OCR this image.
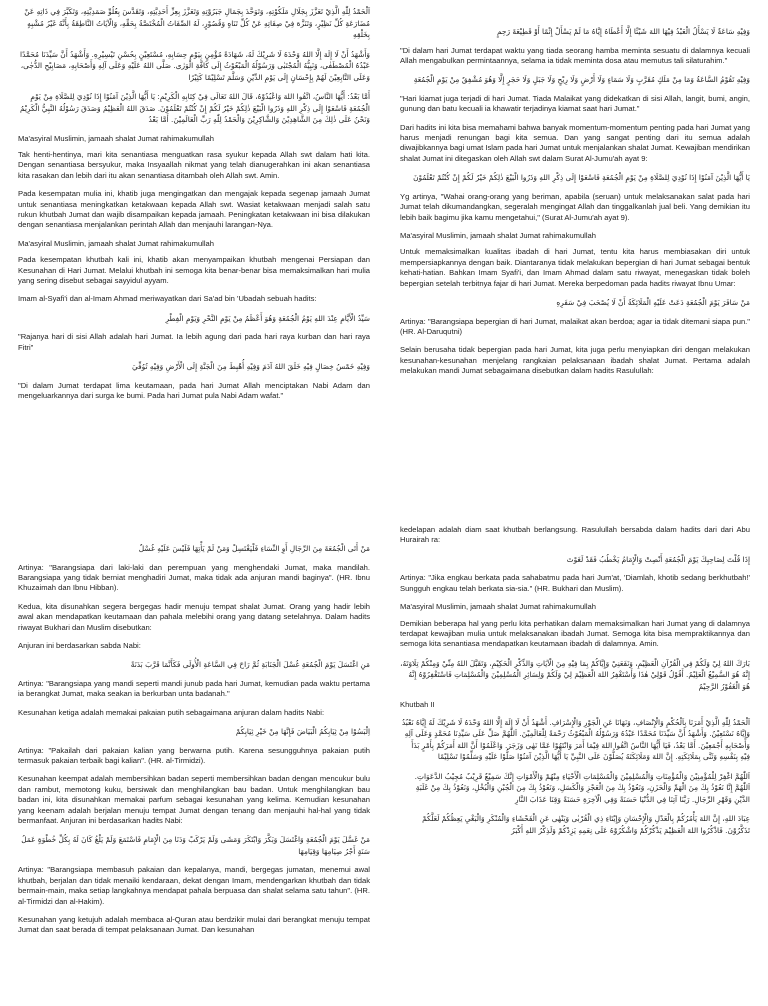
اَلْحَمْدُ لِلّٰهِ الَّذِيْ تَعَزَّزَ بِجَلَالِ مَلَكُوْتِهِ، وَتَوَحَّدَ بِجَمَالِ جَبَرُوْتِهِ وَتَعَزَّزَ بِعِزِّ أَحَدِيَّتِهِ، وَتَقَدَّسَ بِعُلُوِّ صَمَدِيَّتِهِ، وَتَكَبَّرَ فِي ذَاتِهِ عَنْ مُضَارَعَةِ كُلِّ نَظِيْرٍ، وَتَنَزَّهَ فِيْ صِفَاتِهِ عَنْ كُلِّ تَنَاهٍ وَقُصُوْرٍ، لَهُ الصِّفَاتُ الْمُخْتَصَّةُ بِحَقِّهِ، وَالْآيَاتُ النَّاطِقَةُ بِأَنَّهُ غَيْرُ مُشْبِهٍ بِخَلْقِهِ

وَأَشْهَدُ أَنْ لَا إِلَهَ إِلَّا اللهُ وَحْدَهُ لَا شَرِيْكَ لَهُ، شَهَادَةً مُؤْمِنٍ بِيَوْمِ حِسَابِهِ، مُسْتَعِيْنٍ بِحُسْنِ تَيْسِيْرِهِ. وَأَشْهَدُ أَنَّ سَيِّدَنَا مُحَمَّدًا عَبْدُهُ الْمُصْطَفٰى، وَنَبِيُّهُ الْمُجْتَبٰى وَرَسُوْلُهُ الْمَبْعُوْثُ إِلَى كَافَّةِ الْوَرٰى. صَلَّى اللهُ عَلَيْهِ وَعَلَى آلِهِ وَأَصْحَابِهِ، مَصَابِيْحِ الدُّجٰى، وَعَلَى التَّابِعِيْنَ لَهُمْ بِإِحْسَانٍ إِلَى يَوْمِ الدِّيْنِ وَسَلَّمَ تَسْلِيْمًا كَثِيْرًا

أَمَّا بَعْدُ: أَيُّهَا النَّاسُ، اتَّقُوا اللهَ وَاعْبُدُوْهُ، قَالَ اللهُ تَعَالَى فِيْ كِتَابِهِ الْكَرِيْمِ: يَا أَيُّهَا الَّذِيْنَ آمَنُوْا إِذَا نُوْدِيَ لِلصَّلَاةِ مِنْ يَوْمِ الْجُمُعَةِ فَاسْعَوْا إِلَى ذِكْرِ اللهِ وَذَرُوا الْبَيْعَ ذٰلِكُمْ خَيْرٌ لَكُمْ إِنْ كُنْتُمْ تَعْلَمُوْنَ. صَدَقَ اللهُ الْعَظِيْمُ وَصَدَقَ رَسُوْلُهُ النَّبِيُّ الْكَرِيْمُ وَنَحْنُ عَلَى ذٰلِكَ مِنَ الشَّاهِدِيْنَ وَالشَّاكِرِيْنَ وَالْحَمْدُ لِلّٰهِ رَبِّ الْعَالَمِيْنَ. أَمَّا بَعْدُ

Ma'asyiral Muslimin, jamaah shalat Jumat rahimakumullah

Tak henti-hentinya, mari kita senantiasa menguatkan rasa syukur kepada Allah swt dalam hati kita. Dengan senantiasa bersyukur, maka Insyaallah nikmat yang telah dianugerahkan ini akan senantiasa kita rasakan dan lebih dari itu akan senantiasa ditambah oleh Allah swt. Amin.

Pada kesempatan mulia ini, khatib juga mengingatkan dan mengajak kepada segenap jamaah Jumat untuk senantiasa meningkatkan ketakwaan kepada Allah swt. Wasiat ketakwaan menjadi salah satu rukun khutbah Jumat dan wajib disampaikan kepada jamaah. Peningkatan ketakwaan ini bisa dilakukan dengan senantiasa menjalankan perintah Allah dan menjauhi larangan-Nya.

Ma'asyiral Muslimin, jamaah shalat Jumat rahimakumullah

Pada kesempatan khutbah kali ini, khatib akan menyampaikan khutbah mengenai Persiapan dan Kesunahan di Hari Jumat. Melalui khutbah ini semoga kita benar-benar bisa memaksimalkan hari mulia yang sering disebut sebagai sayyidul ayyam.

Imam al-Syafi'i dan al-Imam Ahmad meriwayatkan dari Sa'ad bin 'Ubadah sebuah hadits:

سَيِّدُ الْأَيَّامِ عِنْدَ اللهِ يَوْمُ الْجُمُعَةِ وَهُوَ أَعْظَمُ مِنْ يَوْمِ النَّحْرِ وَيَوْمِ الْفِطْرِ

"Rajanya hari di sisi Allah adalah hari Jumat. Ia lebih agung dari pada hari raya kurban dan hari raya Fitri"

وَفِيْهِ خَمْسُ خِصَالٍ فِيْهِ خَلَقَ اللهُ آدَمَ وَفِيْهِ أُهْبِطَ مِنَ الْجَنَّةِ إِلَى الْأَرْضِ وَفِيْهِ تُوُفِّيَ

"Di dalam Jumat terdapat lima keutamaan, pada hari Jumat Allah menciptakan Nabi Adam dan mengeluarkannya dari surga ke bumi. Pada hari Jumat pula Nabi Adam wafat."

وَفِيْهِ سَاعَةٌ لَا يَسْأَلُ الْعَبْدُ فِيْهَا اللهَ شَيْئًا إِلَّا أَعْطَاهُ إِيَّاهُ مَا لَمْ يَسْأَلْ إِثْمًا أَوْ قَطِيْعَةَ رَحِمٍ

"Di dalam hari Jumat terdapat waktu yang tiada seorang hamba meminta sesuatu di dalamnya kecuali Allah mengabulkan permintaannya, selama ia tidak meminta dosa atau memutus tali silaturahim."

وَفِيْهِ تَقُوْمُ السَّاعَةُ وَمَا مِنْ مَلَكٍ مُقَرَّبٍ وَلَا سَمَاءٍ وَلَا أَرْضٍ وَلَا رِيْحٍ وَلَا جَبَلٍ وَلَا حَجَرٍ إِلَّا وَهُوَ مُشْفِقٌ مِنْ يَوْمِ الْجُمُعَةِ

"Hari kiamat juga terjadi di hari Jumat. Tiada Malaikat yang didekatkan di sisi Allah, langit, bumi, angin, gunung dan batu kecuali ia khawatir terjadinya kiamat saat hari Jumat."

Dari hadits ini kita bisa memahami bahwa banyak momentum-momentum penting pada hari Jumat yang harus menjadi renungan bagi kita semua. Dan yang sangat penting dari itu semua adalah diwajibkannya bagi umat Islam pada hari Jumat untuk menjalankan shalat Jumat. Kewajiban mendirikan shalat Jumat ini ditegaskan oleh Allah swt dalam Surat Al-Jumu'ah ayat 9:

يَا أَيُّهَا الَّذِيْنَ آمَنُوْا إِذَا نُوْدِيَ لِلصَّلَاةِ مِنْ يَوْمِ الْجُمُعَةِ فَاسْعَوْا إِلَى ذِكْرِ اللهِ وَذَرُوا الْبَيْعَ ذٰلِكُمْ خَيْرٌ لَكُمْ إِنْ كُنْتُمْ تَعْلَمُوْنَ

Yg artinya, "Wahai orang-orang yang beriman, apabila (seruan) untuk melaksanakan salat pada hari Jumat telah dikumandangkan, segeralah mengingat Allah dan tinggalkanlah jual beli. Yang demikian itu lebih baik bagimu jika kamu mengetahui," (Surat Al-Jumu'ah ayat 9).

Ma'asyiral Muslimin, jamaah shalat Jumat rahimakumullah

Untuk memaksimalkan kualitas ibadah di hari Jumat, tentu kita harus membiasakan diri untuk mempersiapkannya dengan baik. Diantaranya tidak melakukan bepergian di hari Jumat sebagai bentuk kehati-hatian. Bahkan Imam Syafi'i, dan Imam Ahmad dalam satu riwayat, menegaskan tidak boleh bepergian setelah terbitnya fajar di hari Jumat. Mereka berpedoman pada hadits riwayat Ibnu Umar:

مَنْ سَافَرَ يَوْمَ الْجُمُعَةِ دَعَتْ عَلَيْهِ الْمَلَائِكَةُ أَنْ لَا يُصْحَبَ فِيْ سَفَرِهِ

Artinya: "Barangsiapa bepergian di hari Jumat, malaikat akan berdoa; agar ia tidak ditemani siapa pun." (HR. Al-Daruqutni)

Selain berusaha tidak bepergian pada hari Jumat, kita juga perlu menyiapkan diri dengan melakukan kesunahan-kesunahan menjelang rangkaian pelaksanaan ibadah shalat Jumat. Pertama adalah melakukan mandi Jumat sebagaimana disebutkan dalam hadits Rasulullah:

مَنْ أَتَى الْجُمُعَةَ مِنَ الرِّجَالِ أَوِ النِّسَاءِ فَلْيَغْتَسِلْ وَمَنْ لَمْ يَأْتِهَا فَلَيْسَ عَلَيْهِ غُسْلٌ

Artinya: "Barangsiapa dari laki-laki dan perempuan yang menghendaki Jumat, maka mandilah. Barangsiapa yang tidak berniat menghadiri Jumat, maka tidak ada anjuran mandi baginya". (HR. Ibnu Khuzaimah dan Ibnu Hibban).

Kedua, kita disunahkan segera bergegas hadir menuju tempat shalat Jumat. Orang yang hadir lebih awal akan mendapatkan keutamaan dan pahala melebihi orang yang datang setelahnya. Dalam hadits riwayat Bukhari dan Muslim disebutkan:

Anjuran ini berdasarkan sabda Nabi:

مَنِ اغْتَسَلَ يَوْمَ الْجُمُعَةِ غُسْلَ الْجَنَابَةِ ثُمَّ رَاحَ فِي السَّاعَةِ الْأُولَى فَكَأَنَّمَا قَرَّبَ بَدَنَةً

Artinya: "Barangsiapa yang mandi seperti mandi junub pada hari Jumat, kemudian pada waktu pertama ia berangkat Jumat, maka seakan ia berkurban unta badanah."

Kesunahan ketiga adalah memakai pakaian putih sebagaimana anjuran dalam hadits Nabi:

اِلْبَسُوْا مِنْ ثِيَابِكُمُ الْبَيَاضَ فَإِنَّهَا مِنْ خَيْرِ ثِيَابِكُمْ

Artinya: "Pakailah dari pakaian kalian yang berwarna putih. Karena sesungguhnya pakaian putih termasuk pakaian terbaik bagi kalian". (HR. al-Tirmidzi).

Kesunahan keempat adalah membersihkan badan seperti membersihkan badan dengan mencukur bulu dan rambut, memotong kuku, bersiwak dan menghilangkan bau badan. Untuk menghilangkan bau badan ini, kita disunahkan memakai parfum sebagai kesunahan yang kelima. Kemudian kesunahan yang keenam adalah berjalan menuju tempat Jumat dengan tenang dan menjauhi hal-hal yang tidak bermanfaat. Anjuran ini berdasarkan hadits Nabi:

مَنْ غَسَّلَ يَوْمَ الْجُمُعَةِ وَاغْتَسَلَ وَبَكَّرَ وَابْتَكَرَ وَمَشَى وَلَمْ يَرْكَبْ وَدَنَا مِنَ الْإِمَامِ فَاسْتَمَعَ وَلَمْ يَلْغُ كَانَ لَهُ بِكُلِّ خُطْوَةٍ عَمَلُ سَنَةٍ أَجْرُ صِيَامِهَا وَقِيَامِهَا

Artinya: "Barangsiapa membasuh pakaian dan kepalanya, mandi, bergegas jumatan, menemui awal khutbah, berjalan dan tidak menaiki kendaraan, dekat dengan Imam, mendengarkan khutbah dan tidak bermain-main, maka setiap langkahnya mendapat pahala berpuasa dan shalat selama satu tahun". (HR. al-Tirmidzi dan al-Hakim).

Kesunahan yang ketujuh adalah membaca al-Quran atau berdzikir mulai dari berangkat menuju tempat Jumat dan saat berada di tempat pelaksanaan Jumat. Dan kesunahan

kedelapan adalah diam saat khutbah berlangsung. Rasulullah bersabda dalam hadits dari dari Abu Hurairah ra:

إِذَا قُلْتَ لِصَاحِبِكَ يَوْمَ الْجُمُعَةِ أَنْصِتْ وَالْإِمَامُ يَخْطُبُ فَقَدْ لَغَوْتَ

Artinya: "Jika engkau berkata pada sahabatmu pada hari Jum'at, 'Diamlah, khotib sedang berkhutbah!' Sungguh engkau telah berkata sia-sia." (HR. Bukhari dan Muslim).

Ma'asyiral Muslimin, jamaah shalat Jumat rahimakumullah

Demikian beberapa hal yang perlu kita perhatikan dalam memaksimalkan hari Jumat yang di dalamnya terdapat kewajiban mulia untuk melaksanakan ibadah Jumat. Semoga kita bisa mempraktikannya dan semoga kita senantiasa mendapatkan keutamaan ibadah di dalamnya. Amin.

بَارَكَ اللهُ لِيْ وَلَكُمْ فِي الْقُرْآنِ الْعَظِيْمِ، وَنَفَعَنِيْ وَإِيَّاكُمْ بِمَا فِيْهِ مِنَ الْآيَاتِ وَالذِّكْرِ الْحَكِيْمِ، وَتَقَبَّلَ اللهُ مِنِّيْ وَمِنْكُمْ تِلَاوَتَهُ، إِنَّهُ هُوَ السَّمِيْعُ الْعَلِيْمُ. أَقُوْلُ قَوْلِيْ هٰذَا وَأَسْتَغْفِرُ اللهَ الْعَظِيْمَ لِيْ وَلَكُمْ وَلِسَائِرِ الْمُسْلِمِيْنَ وَالْمُسْلِمَاتِ فَاسْتَغْفِرُوْهُ إِنَّهُ هُوَ الْغَفُوْرُ الرَّحِيْمُ

Khutbah II

اَلْحَمْدُ لِلّٰهِ الَّذِيْ أَمَرَنَا بِاَلْحُكْمِ وَالْإِنْصَافِ، وَنَهَانَا عَنِ الْجَوْرِ وَالْإِسْرَافِ. أَشْهَدُ أَنْ لَا إِلَهَ إِلَّا اللهُ وَحْدَهُ لَا شَرِيْكَ لَهُ إِيَّاهُ نَعْبُدُ وَإِيَّاهُ نَسْتَعِيْنُ. وَأَشْهَدُ أَنَّ سَيِّدَنَا مُحَمَّدًا عَبْدُهُ وَرَسُوْلُهُ الْمَبْعُوْثُ رَحْمَةً لِلْعَالَمِيْنَ. اَللّٰهُمَّ صَلِّ عَلَى سَيِّدِنَا مُحَمَّدٍ وَعَلَى آلِهِ وَأَصْحَابِهِ أَجْمَعِيْنَ. أَمَّا بَعْدُ، فَيَا أَيُّهَا النَّاسُ اتَّقُوا اللهَ فِيْمَا أَمَرَ وَانْتَهُوْا عَمَّا نَهٰى وَزَجَرَ. وَاعْلَمُوْا أَنَّ اللهَ أَمَرَكُمْ بِأَمْرٍ بَدَأَ فِيْهِ بِنَفْسِهِ وَثَنَّى بِمَلَائِكَتِهِ. إِنَّ اللهَ وَمَلَائِكَتَهُ يُصَلُّوْنَ عَلَى النَّبِيِّ يَا أَيُّهَا الَّذِيْنَ آمَنُوْا صَلُّوْا عَلَيْهِ وَسَلِّمُوْا تَسْلِيْمًا

اَللّٰهُمَّ اغْفِرْ لِلْمُؤْمِنِيْنَ وَالْمُؤْمِنَاتِ وَالْمُسْلِمِيْنَ وَالْمُسْلِمَاتِ الْأَحْيَاءِ مِنْهُمْ وَالْأَمْوَاتِ إِنَّكَ سَمِيْعٌ قَرِيْبٌ مُجِيْبُ الدَّعَوَاتِ. اَللّٰهُمَّ إِنَّا نَعُوْذُ بِكَ مِنَ الْهَمِّ وَالْحَزَنِ، وَنَعُوْذُ بِكَ مِنَ الْعَجْزِ وَالْكَسَلِ، وَنَعُوْذُ بِكَ مِنَ الْجُبْنِ وَالْبُخْلِ، وَنَعُوْذُ بِكَ مِنْ غَلَبَةِ الدَّيْنِ وَقَهْرِ الرِّجَالِ. رَبَّنَا آتِنَا فِي الدُّنْيَا حَسَنَةً وَفِي الْآخِرَةِ حَسَنَةً وَقِنَا عَذَابَ النَّارِ

عِبَادَ اللهِ، إِنَّ اللهَ يَأْمُرُكُمْ بِالْعَدْلِ وَالْإِحْسَانِ وَإِيْتَاءِ ذِي الْقُرْبٰى وَيَنْهٰى عَنِ الْفَحْشَاءِ وَالْمُنْكَرِ وَالْبَغْيِ يَعِظُكُمْ لَعَلَّكُمْ تَذَكَّرُوْنَ. فَاذْكُرُوا اللهَ الْعَظِيْمَ يَذْكُرْكُمْ وَاشْكُرُوْهُ عَلَى نِعَمِهِ يَزِدْكُمْ وَلَذِكْرُ اللهِ أَكْبَرُ
